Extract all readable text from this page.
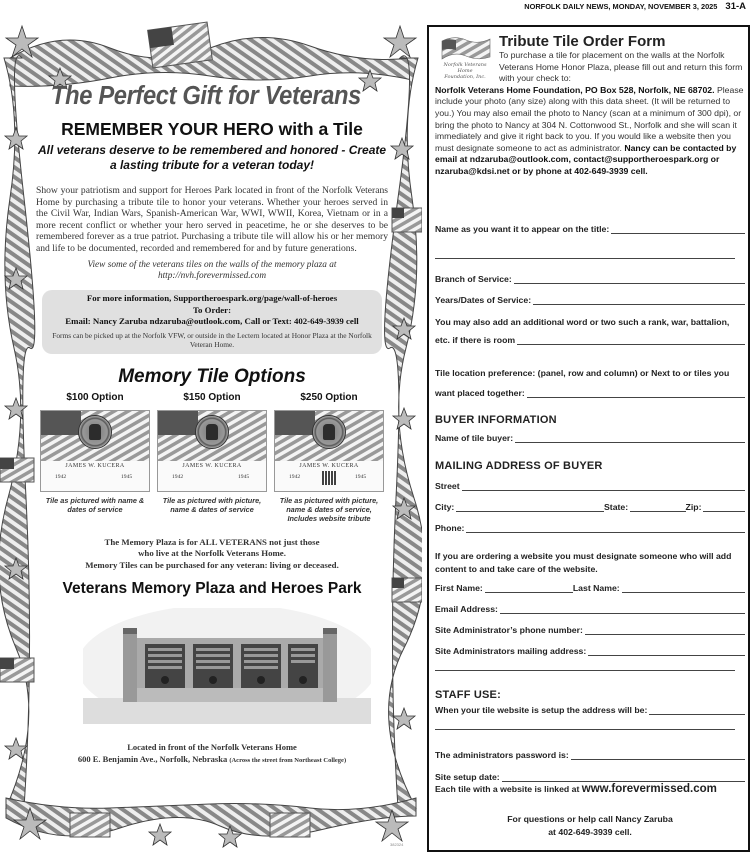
NORFOLK DAILY NEWS, MONDAY, NOVEMBER 3, 2025 31-A
The Perfect Gift for Veterans
REMEMBER YOUR HERO with a Tile
All veterans deserve to be remembered and honored - Create a lasting tribute for a veteran today!
Show your patriotism and support for Heroes Park located in front of the Norfolk Veterans Home by purchasing a tribute tile to honor your veterans. Whether your heroes served in the Civil War, Indian Wars, Spanish-American War, WWI, WWII, Korea, Vietnam or in a more recent conflict or whether your hero served in peacetime, he or she deserves to be remembered forever as a true patriot. Purchasing a tribute tile will allow his or her memory and life to be documented, recorded and remembered for and by future generations.
View some of the veterans tiles on the walls of the memory plaza at http://nvh.forevermissed.com
For more information, Supportheroespark.org/page/wall-of-heroes
To Order:
Email: Nancy Zaruba ndzaruba@outlook.com, Call or Text: 402-649-3939 cell
Forms can be picked up at the Norfolk VFW, or outside in the Lectern located at Honor Plaza at the Norfolk Veteran Home.
Memory Tile Options
$100 Option
JAMES W. KUCERA
1942	1945
Tile as pictured with name & dates of service
$150 Option
JAMES W. KUCERA
1942	1945
Tile as pictured with picture, name & dates of service
$250 Option
JAMES W. KUCERA
1942	1945
Tile as pictured with picture, name & dates of service, Includes website tribute
The Memory Plaza is for ALL VETERANS not just those
who live at the Norfolk Veterans Home.
Memory Tiles can be purchased for any veteran: living or deceased.
Veterans Memory Plaza and Heroes Park
Located in front of the Norfolk Veterans Home
600 E. Benjamin Ave., Norfolk, Nebraska (Across the street from Northeast College)
382324
Norfolk Veterans Home
Foundation, Inc.
Tribute Tile Order Form
To purchase a tile for placement on the walls at the Norfolk Veterans Home Honor Plaza, please fill out and return this form with your check to:
Norfolk Veterans Home Foundation, PO Box 528, Norfolk, NE 68702. Please include your photo (any size) along with this data sheet. (It will be returned to you.) You may also email the photo to Nancy (scan at a minimum of 300 dpi), or bring the photo to Nancy at 304 N. Cottonwood St., Norfolk and she will scan it immediately and give it right back to you. If you would like a website then you must designate someone to act as administrator. Nancy can be contacted by email at ndzaruba@outlook.com, contact@supportheroespark.org or nzaruba@kdsi.net or by phone at 402-649-3939 cell.
Name as you want it to appear on the title:
Branch of Service:
Years/Dates of Service:
You may also add an additional word or two such a rank, war, battalion,
etc. if there is room
Tile location preference: (panel, row and column) or Next to or tiles you
want placed together:
BUYER INFORMATION
Name of tile buyer:
MAILING ADDRESS OF BUYER
Street
City:	State:	Zip:
Phone:
If you are ordering a website you must designate someone who will add content to and take care of the website.
First Name:	Last Name:
Email Address:
Site Administrator’s phone number:
Site Administrators mailing address:
STAFF USE:
When your tile website is setup the address will be:
The administrators password is:
Site setup date:
Each tile with a website is linked at www.forevermissed.com
For questions or help call Nancy Zaruba
at 402-649-3939 cell.
